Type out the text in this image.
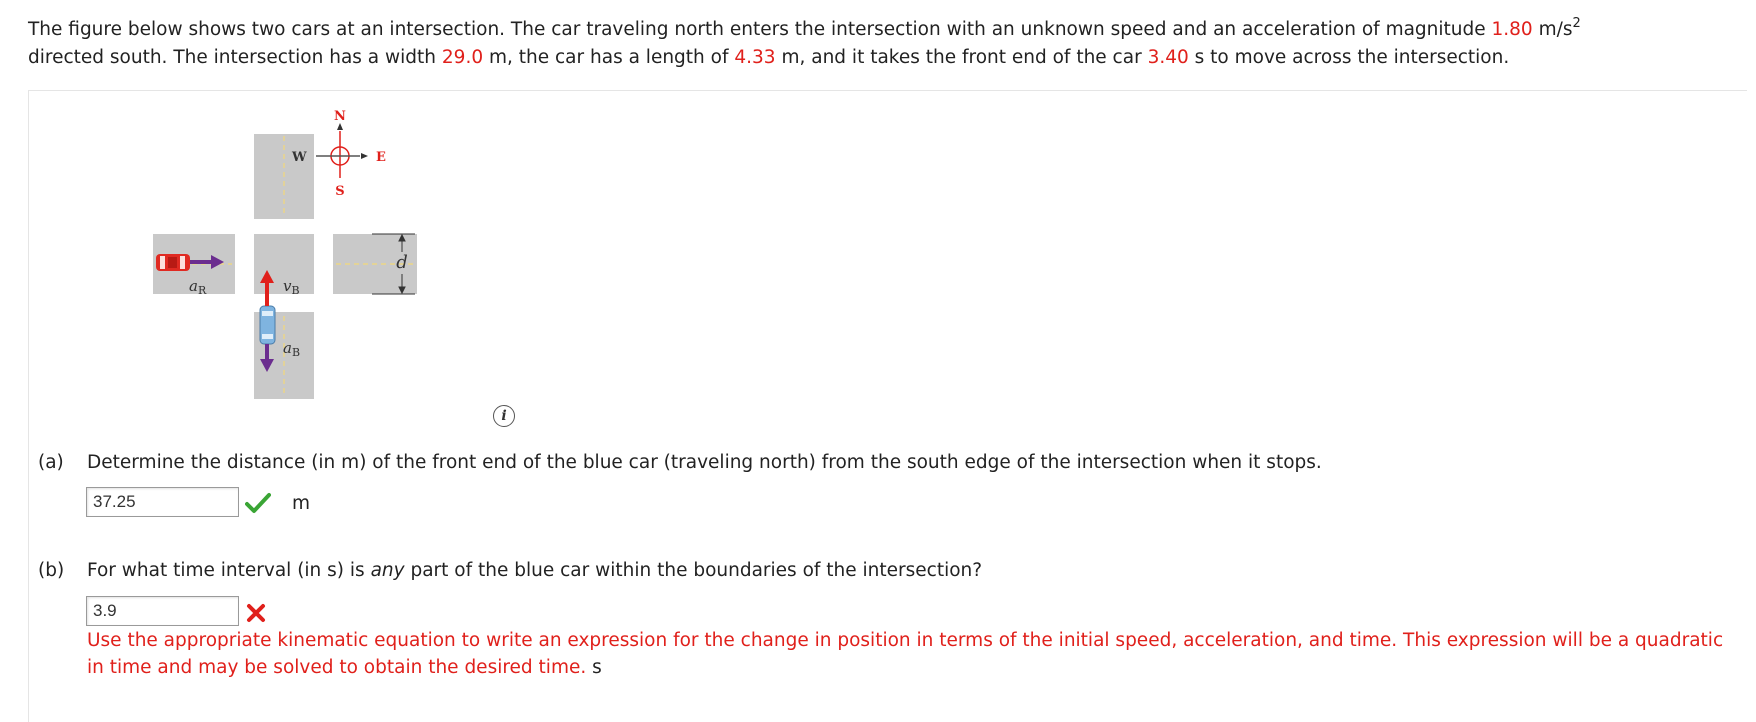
The figure below shows two cars at an intersection. The car traveling north enters the intersection with an unknown speed and an acceleration of magnitude 1.80 $m/s^2$
directed south. The intersection has a width 29.0 m, the car has a length of 4.33 m, and it takes the front end of the car 3.40 s to move across the intersection.

N
S
E
W
d
$a_R$	$v_B$
$a_B$
i
(a)	Determine the distance (in m) of the front end of the blue car (traveling north) from the south edge of the intersection when it stops.
37.25	m
(b)	For what time interval (in s) is any part of the blue car within the boundaries of the intersection?
3.9

Use the appropriate kinematic equation to write an expression for the change in position in terms of the initial speed, acceleration, and time. This expression will be a quadratic in time and may be solved to obtain the desired time. s
